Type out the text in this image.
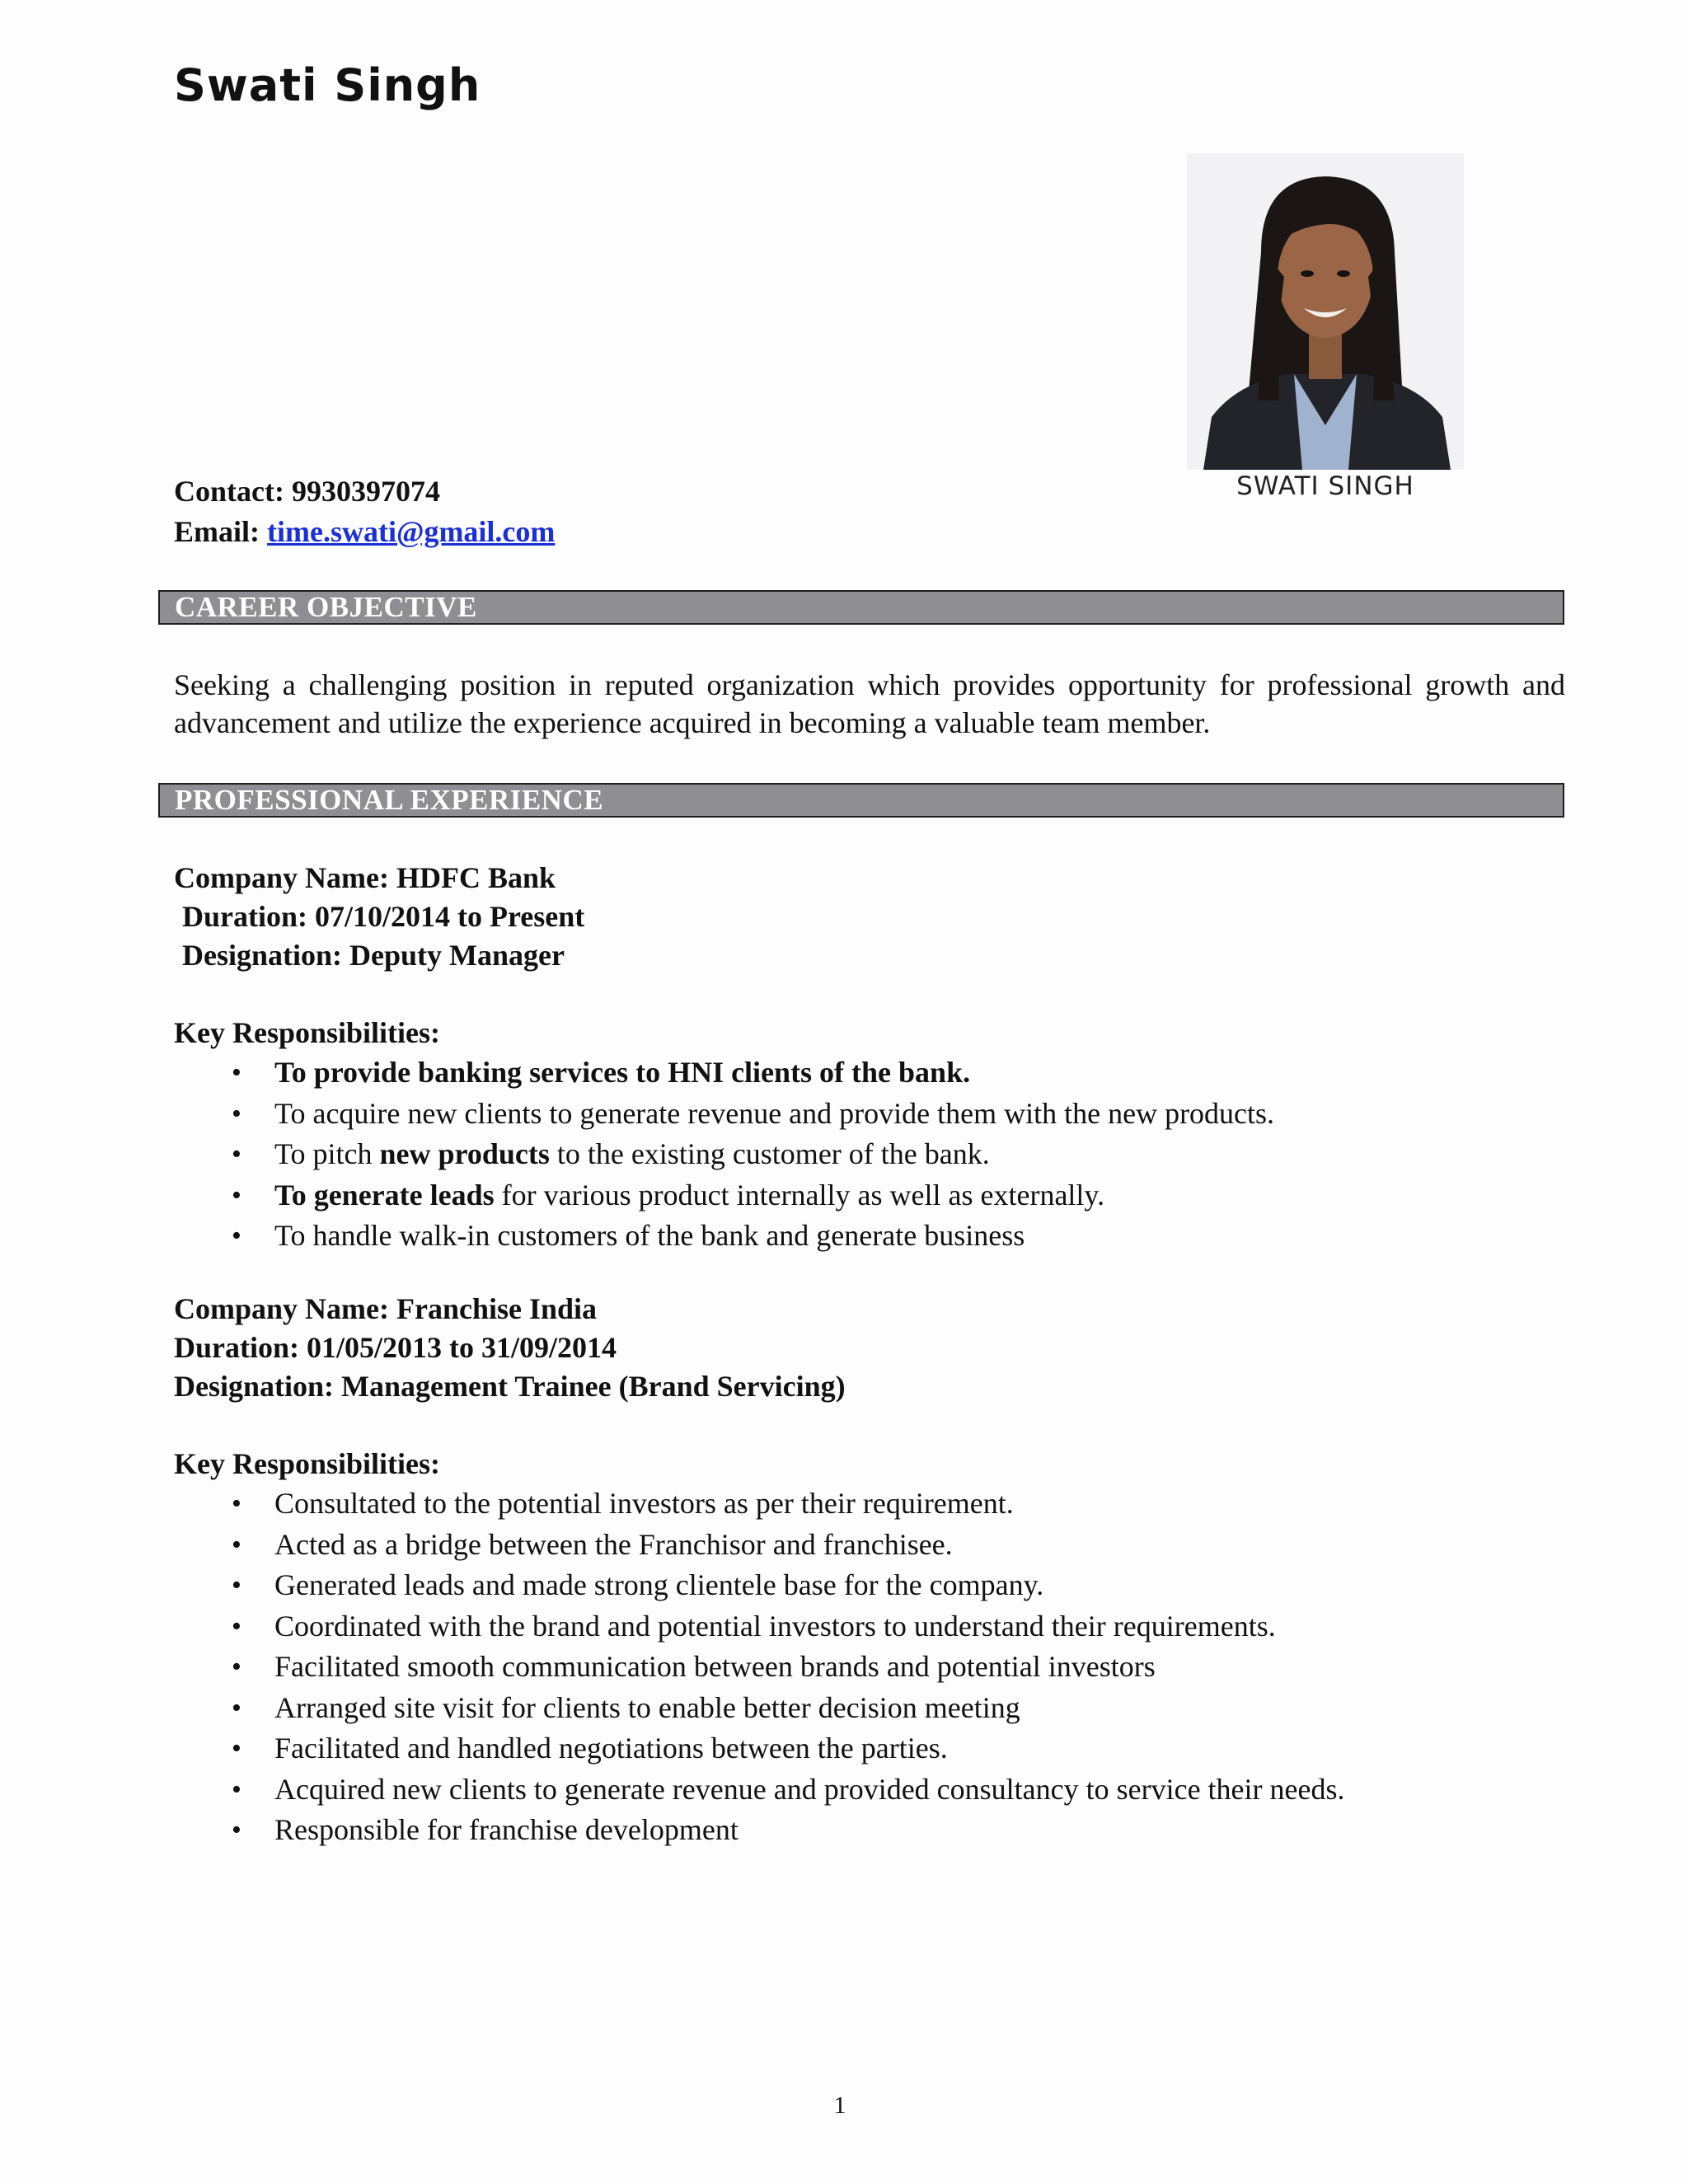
Swati Singh
SWATI SINGH
Contact: 9930397074
Email: time.swati@gmail.com
CAREER OBJECTIVE

Seeking a challenging position in reputed organization which provides opportunity for professional growth and advancement and utilize the experience acquired in becoming a valuable team member.

PROFESSIONAL EXPERIENCE
Company Name: HDFC Bank
Duration: 07/10/2014 to Present
Designation: Deputy Manager
Key Responsibilities:
• To provide banking services to HNI clients of the bank.
• To acquire new clients to generate revenue and provide them with the new products.
• To pitch new products to the existing customer of the bank.
• To generate leads for various product internally as well as externally.
• To handle walk-in customers of the bank and generate business
Company Name: Franchise India
Duration: 01/05/2013 to 31/09/2014
Designation: Management Trainee (Brand Servicing)
Key Responsibilities:
• Consultated to the potential investors as per their requirement.
• Acted as a bridge between the Franchisor and franchisee.
• Generated leads and made strong clientele base for the company.
• Coordinated with the brand and potential investors to understand their requirements.
• Facilitated smooth communication between brands and potential investors
• Arranged site visit for clients to enable better decision meeting
• Facilitated and handled negotiations between the parties.
• Acquired new clients to generate revenue and provided consultancy to service their needs.
• Responsible for franchise development
1
